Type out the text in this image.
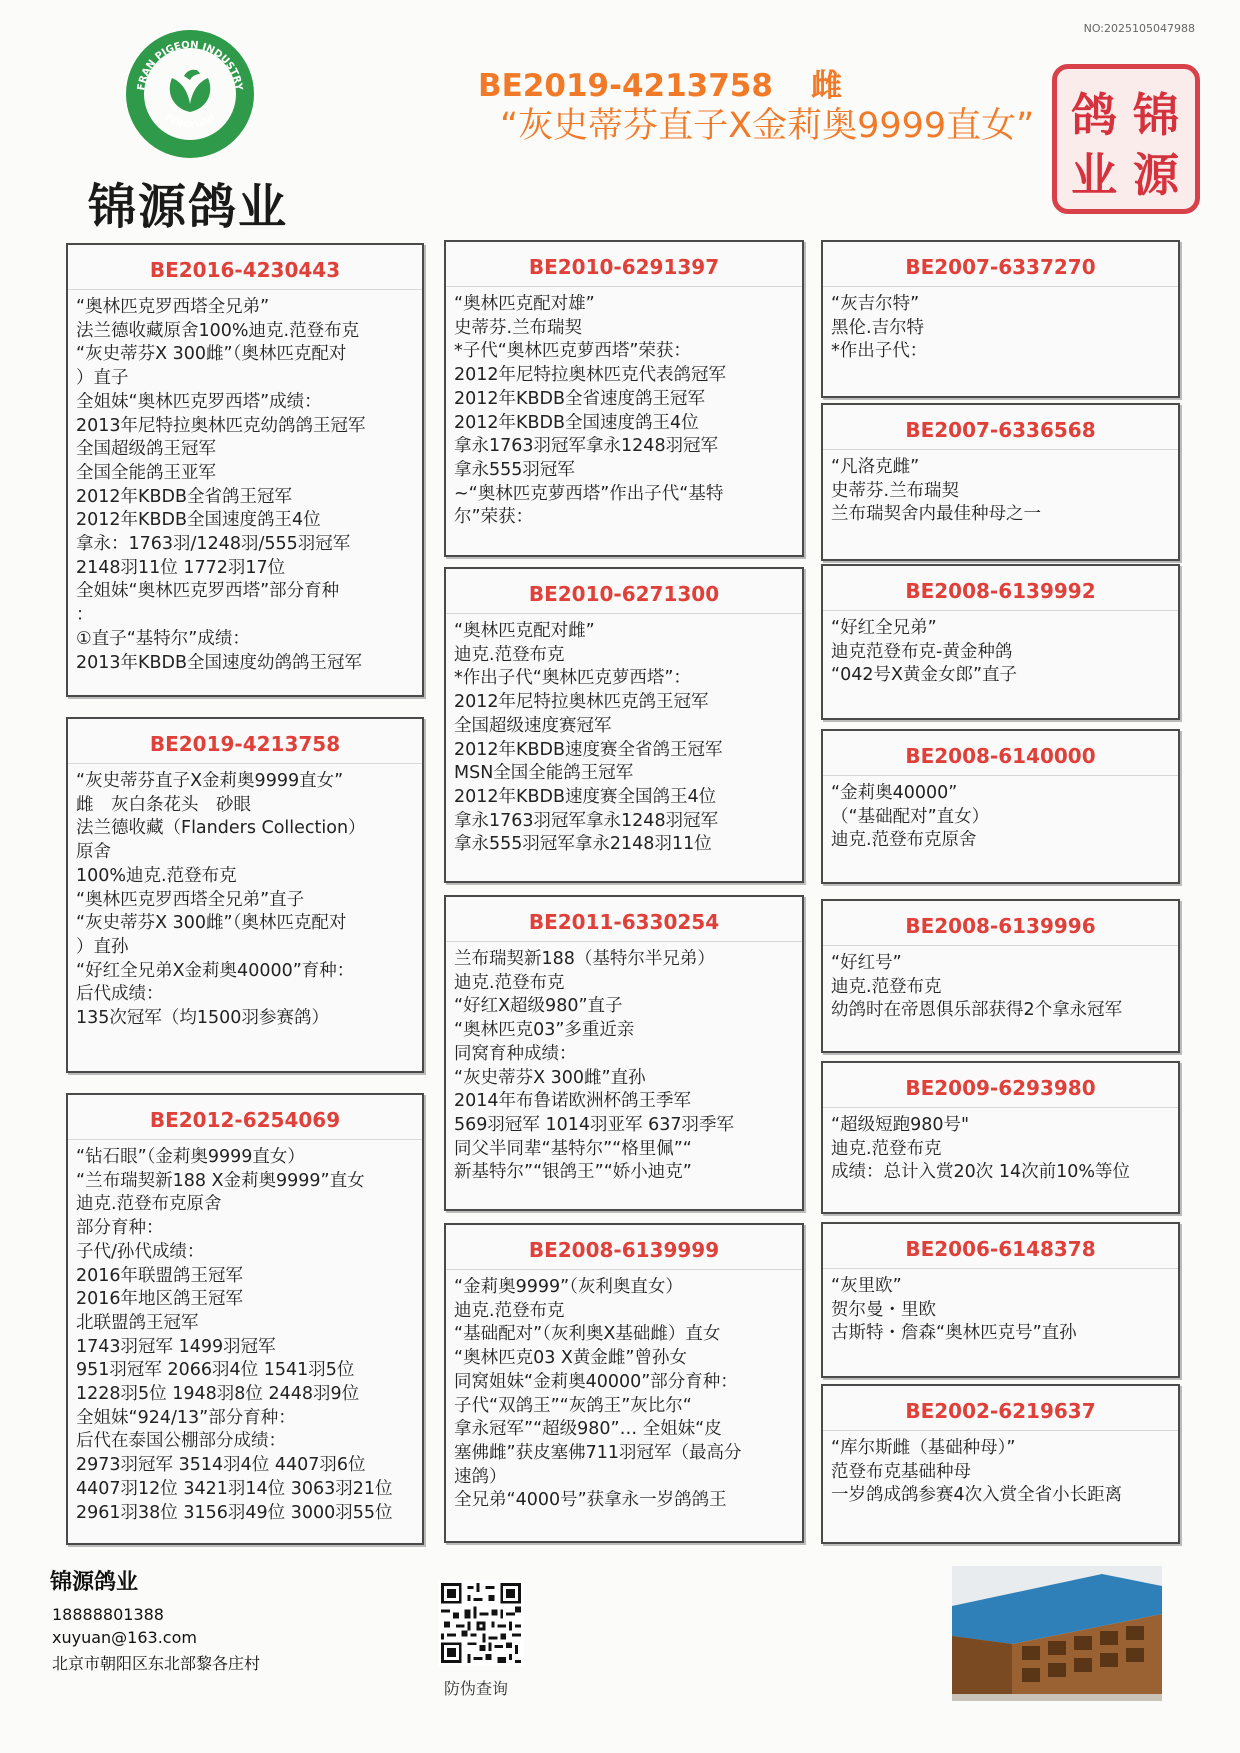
NO:2025105047988
FRAN PIGEON INDUSTRY
FENGYUAN
锦源鸽业
BE2019-4213758 雌
“灰史蒂芬直子X金莉奥9999直女” 锦
源
鸽
业
BE2016-4230443
“奥林匹克罗西塔全兄弟”
法兰德收藏原舍100%迪克.范登布克
“灰史蒂芬X 300雌”（奥林匹克配对
）直子
全姐妹“奥林匹克罗西塔”成绩：
2013年尼特拉奥林匹克幼鸽鸽王冠军
全国超级鸽王冠军
全国全能鸽王亚军
2012年KBDB全省鸽王冠军
2012年KBDB全国速度鸽王4位
拿永：1763羽/1248羽/555羽冠军
2148羽11位 1772羽17位
全姐妹“奥林匹克罗西塔”部分育种
：
①直子“基特尔”成绩：
2013年KBDB全国速度幼鸽鸽王冠军
BE2019-4213758
“灰史蒂芬直子X金莉奥9999直女”
雌　灰白条花头　砂眼
法兰德收藏（Flanders Collection）
原舍
100%迪克.范登布克
“奥林匹克罗西塔全兄弟”直子
“灰史蒂芬X 300雌”（奥林匹克配对
）直孙
“好红全兄弟X金莉奥40000”育种：
后代成绩：
135次冠军（均1500羽参赛鸽）
BE2012-6254069
“钻石眼”（金莉奥9999直女）
“兰布瑞契新188 X金莉奥9999”直女
迪克.范登布克原舍
部分育种：
子代/孙代成绩：
2016年联盟鸽王冠军
2016年地区鸽王冠军
北联盟鸽王冠军
1743羽冠军 1499羽冠军
951羽冠军 2066羽4位 1541羽5位
1228羽5位 1948羽8位 2448羽9位
全姐妹“924/13”部分育种：
后代在泰国公棚部分成绩：
2973羽冠军 3514羽4位 4407羽6位
4407羽12位 3421羽14位 3063羽21位
2961羽38位 3156羽49位 3000羽55位
BE2010-6291397
“奥林匹克配对雄”
史蒂芬.兰布瑞契
*子代“奥林匹克萝西塔”荣获：
2012年尼特拉奥林匹克代表鸽冠军
2012年KBDB全省速度鸽王冠军
2012年KBDB全国速度鸽王4位
拿永1763羽冠军拿永1248羽冠军
拿永555羽冠军
~“奥林匹克萝西塔”作出子代“基特
尔”荣获：
BE2010-6271300
“奥林匹克配对雌”
迪克.范登布克
*作出子代“奥林匹克萝西塔”：
2012年尼特拉奥林匹克鸽王冠军
全国超级速度赛冠军
2012年KBDB速度赛全省鸽王冠军
MSN全国全能鸽王冠军
2012年KBDB速度赛全国鸽王4位
拿永1763羽冠军拿永1248羽冠军
拿永555羽冠军拿永2148羽11位
BE2011-6330254
兰布瑞契新188（基特尔半兄弟）
迪克.范登布克
“好红X超级980”直子
“奥林匹克03”多重近亲
同窝育种成绩：
“灰史蒂芬X 300雌”直孙
2014年布鲁诺欧洲杯鸽王季军
569羽冠军 1014羽亚军 637羽季军
同父半同辈“基特尔”“格里佩”“
新基特尔”“银鸽王”“娇小迪克”
BE2008-6139999
“金莉奥9999”（灰利奥直女）
迪克.范登布克
“基础配对”（灰利奥X基础雌）直女
“奥林匹克03 X黄金雌”曾孙女
同窝姐妹“金莉奥40000”部分育种：
子代“双鸽王”“灰鸽王”灰比尔“
拿永冠军”“超级980”… 全姐妹“皮
塞佛雌”获皮塞佛711羽冠军（最高分
速鸽）
全兄弟“4000号”获拿永一岁鸽鸽王
BE2007-6337270
“灰吉尔特”
黑伦.吉尔特
*作出子代：
BE2007-6336568
“凡洛克雌”
史蒂芬.兰布瑞契
兰布瑞契舍内最佳种母之一
BE2008-6139992
“好红全兄弟”
迪克范登布克-黄金种鸽
“042号X黄金女郎”直子
BE2008-6140000
“金莉奥40000”
（“基础配对”直女）
迪克.范登布克原舍
BE2008-6139996
“好红号”
迪克.范登布克
幼鸽时在帝恩俱乐部获得2个拿永冠军
BE2009-6293980
“超级短跑980号"
迪克.范登布克
成绩：总计入赏20次 14次前10%等位
BE2006-6148378
“灰里欧”
贺尔曼・里欧
古斯特・詹森“奥林匹克号”直孙
BE2002-6219637
“库尔斯雌（基础种母）”
范登布克基础种母
一岁鸽成鸽参赛4次入赏全省小长距离
锦源鸽业
18888801388
xuyuan@163.com
北京市朝阳区东北部黎各庄村
防伪查询
